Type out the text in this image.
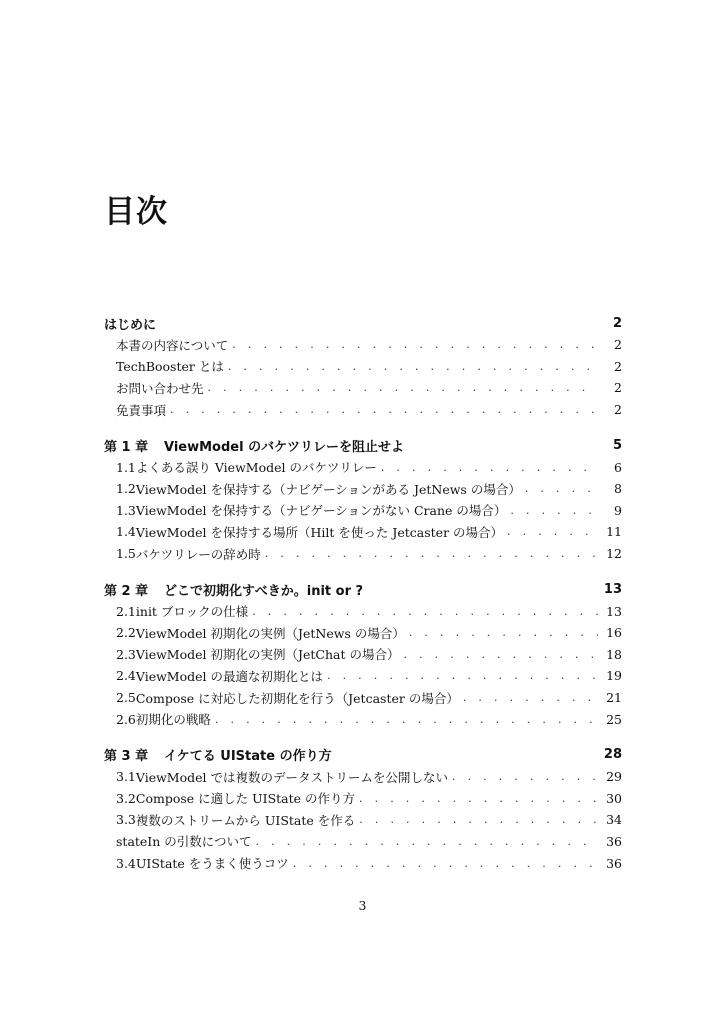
目次
はじめに	2
本書の内容について . . .	2
TechBooster とは . . .	2
お問い合わせ先 . . .	2
免責事項 . . .	2
第 1 章	ViewModel のバケツリレーを阻止せよ	5
1.1 よくある誤り ViewModel のバケツリレー . . .	6
1.2 ViewModel を保持する（ナビゲーションがある JetNews の場合） . . .	8
1.3 ViewModel を保持する（ナビゲーションがない Crane の場合） . . .	9
1.4 ViewModel を保持する場所（Hilt を使った Jetcaster の場合） . . .	11
1.5 バケツリレーの辞め時 . . .	12
第 2 章	どこで初期化すべきか。init or ?	13
2.1 init ブロックの仕様 . . .	13
2.2 ViewModel 初期化の実例（JetNews の場合） . . .	16
2.3 ViewModel 初期化の実例（JetChat の場合） . . .	18
2.4 ViewModel の最適な初期化とは . . .	19
2.5 Compose に対応した初期化を行う（Jetcaster の場合） . . .	21
2.6 初期化の戦略 . . .	25
第 3 章	イケてる UIState の作り方	28
3.1 ViewModel では複数のデータストリームを公開しない . . .	29
3.2 Compose に適した UIState の作り方 . . .	30
3.3 複数のストリームから UIState を作る . . .	34
stateIn の引数について . . .	36
3.4 UIState をうまく使うコツ . . .	36
3
